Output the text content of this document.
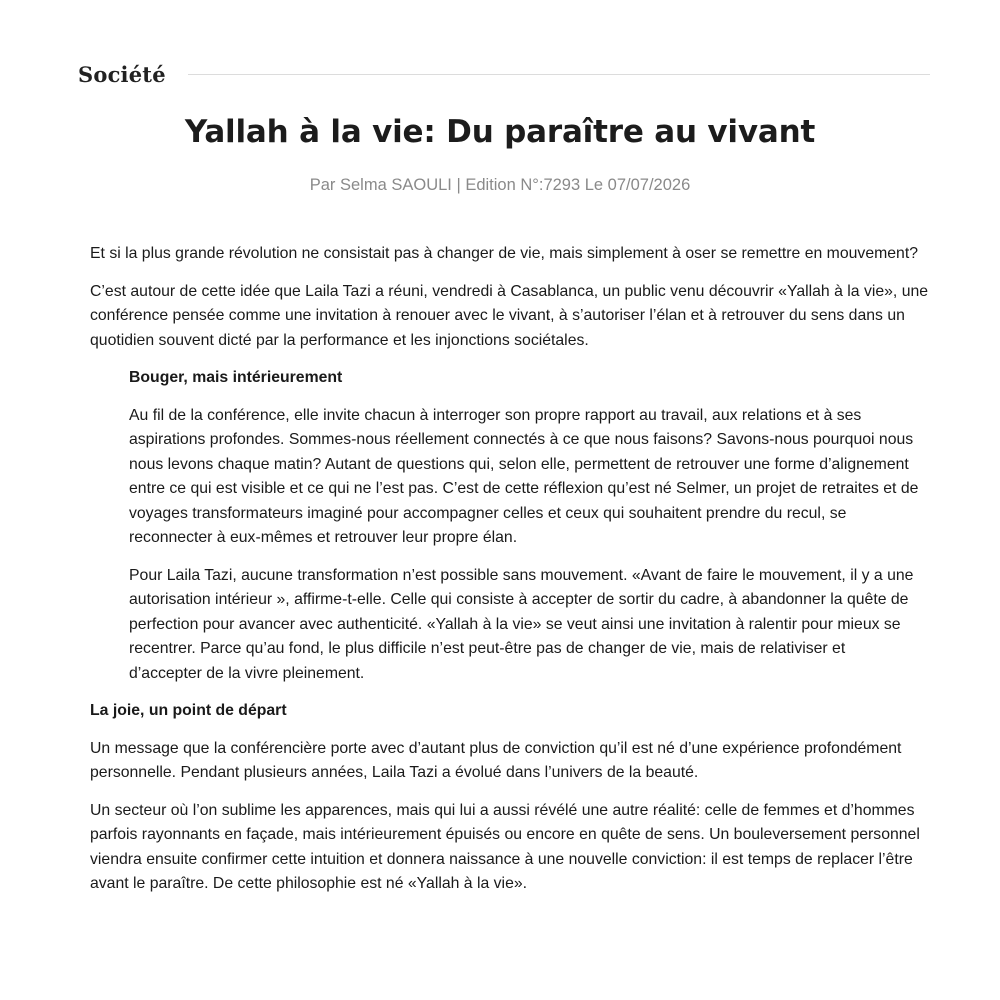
Société
Yallah à la vie: Du paraître au vivant
Par Selma SAOULI | Edition N°:7293 Le 07/07/2026

Et si la plus grande révolution ne consistait pas à changer de vie, mais simplement à oser se remettre en mouvement?

C’est autour de cette idée que Laila Tazi a réuni, vendredi à Casablanca, un public venu découvrir «Yallah à la vie», une conférence pensée comme une invitation à renouer avec le vivant, à s’autoriser l’élan et à retrouver du sens dans un quotidien souvent dicté par la performance et les injonctions sociétales.

Bouger, mais intérieurement

Au fil de la conférence, elle invite chacun à interroger son propre rapport au travail, aux relations et à ses aspirations profondes. Sommes-nous réellement connectés à ce que nous faisons? Savons-nous pourquoi nous nous levons chaque matin? Autant de questions qui, selon elle, permettent de retrouver une forme d’alignement entre ce qui est visible et ce qui ne l’est pas. C’est de cette réflexion qu’est né Selmer, un projet de retraites et de voyages transformateurs imaginé pour accompagner celles et ceux qui souhaitent prendre du recul, se reconnecter à eux-mêmes et retrouver leur propre élan.

Pour Laila Tazi, aucune transformation n’est possible sans mouvement. «Avant de faire le mouvement, il y a une autorisation intérieur », affirme-t-elle. Celle qui consiste à accepter de sortir du cadre, à abandonner la quête de perfection pour avancer avec authenticité. «Yallah à la vie» se veut ainsi une invitation à ralentir pour mieux se recentrer. Parce qu’au fond, le plus difficile n’est peut-être pas de changer de vie, mais de relativiser et d’accepter de la vivre pleinement.

La joie, un point de départ

Un message que la conférencière porte avec d’autant plus de conviction qu’il est né d’une expérience profondément personnelle. Pendant plusieurs années, Laila Tazi a évolué dans l’univers de la beauté.

Un secteur où l’on sublime les apparences, mais qui lui a aussi révélé une autre réalité: celle de femmes et d’hommes parfois rayonnants en façade, mais intérieurement épuisés ou encore en quête de sens. Un bouleversement personnel viendra ensuite confirmer cette intuition et donnera naissance à une nouvelle conviction: il est temps de replacer l’être avant le paraître. De cette philosophie est né «Yallah à la vie».
